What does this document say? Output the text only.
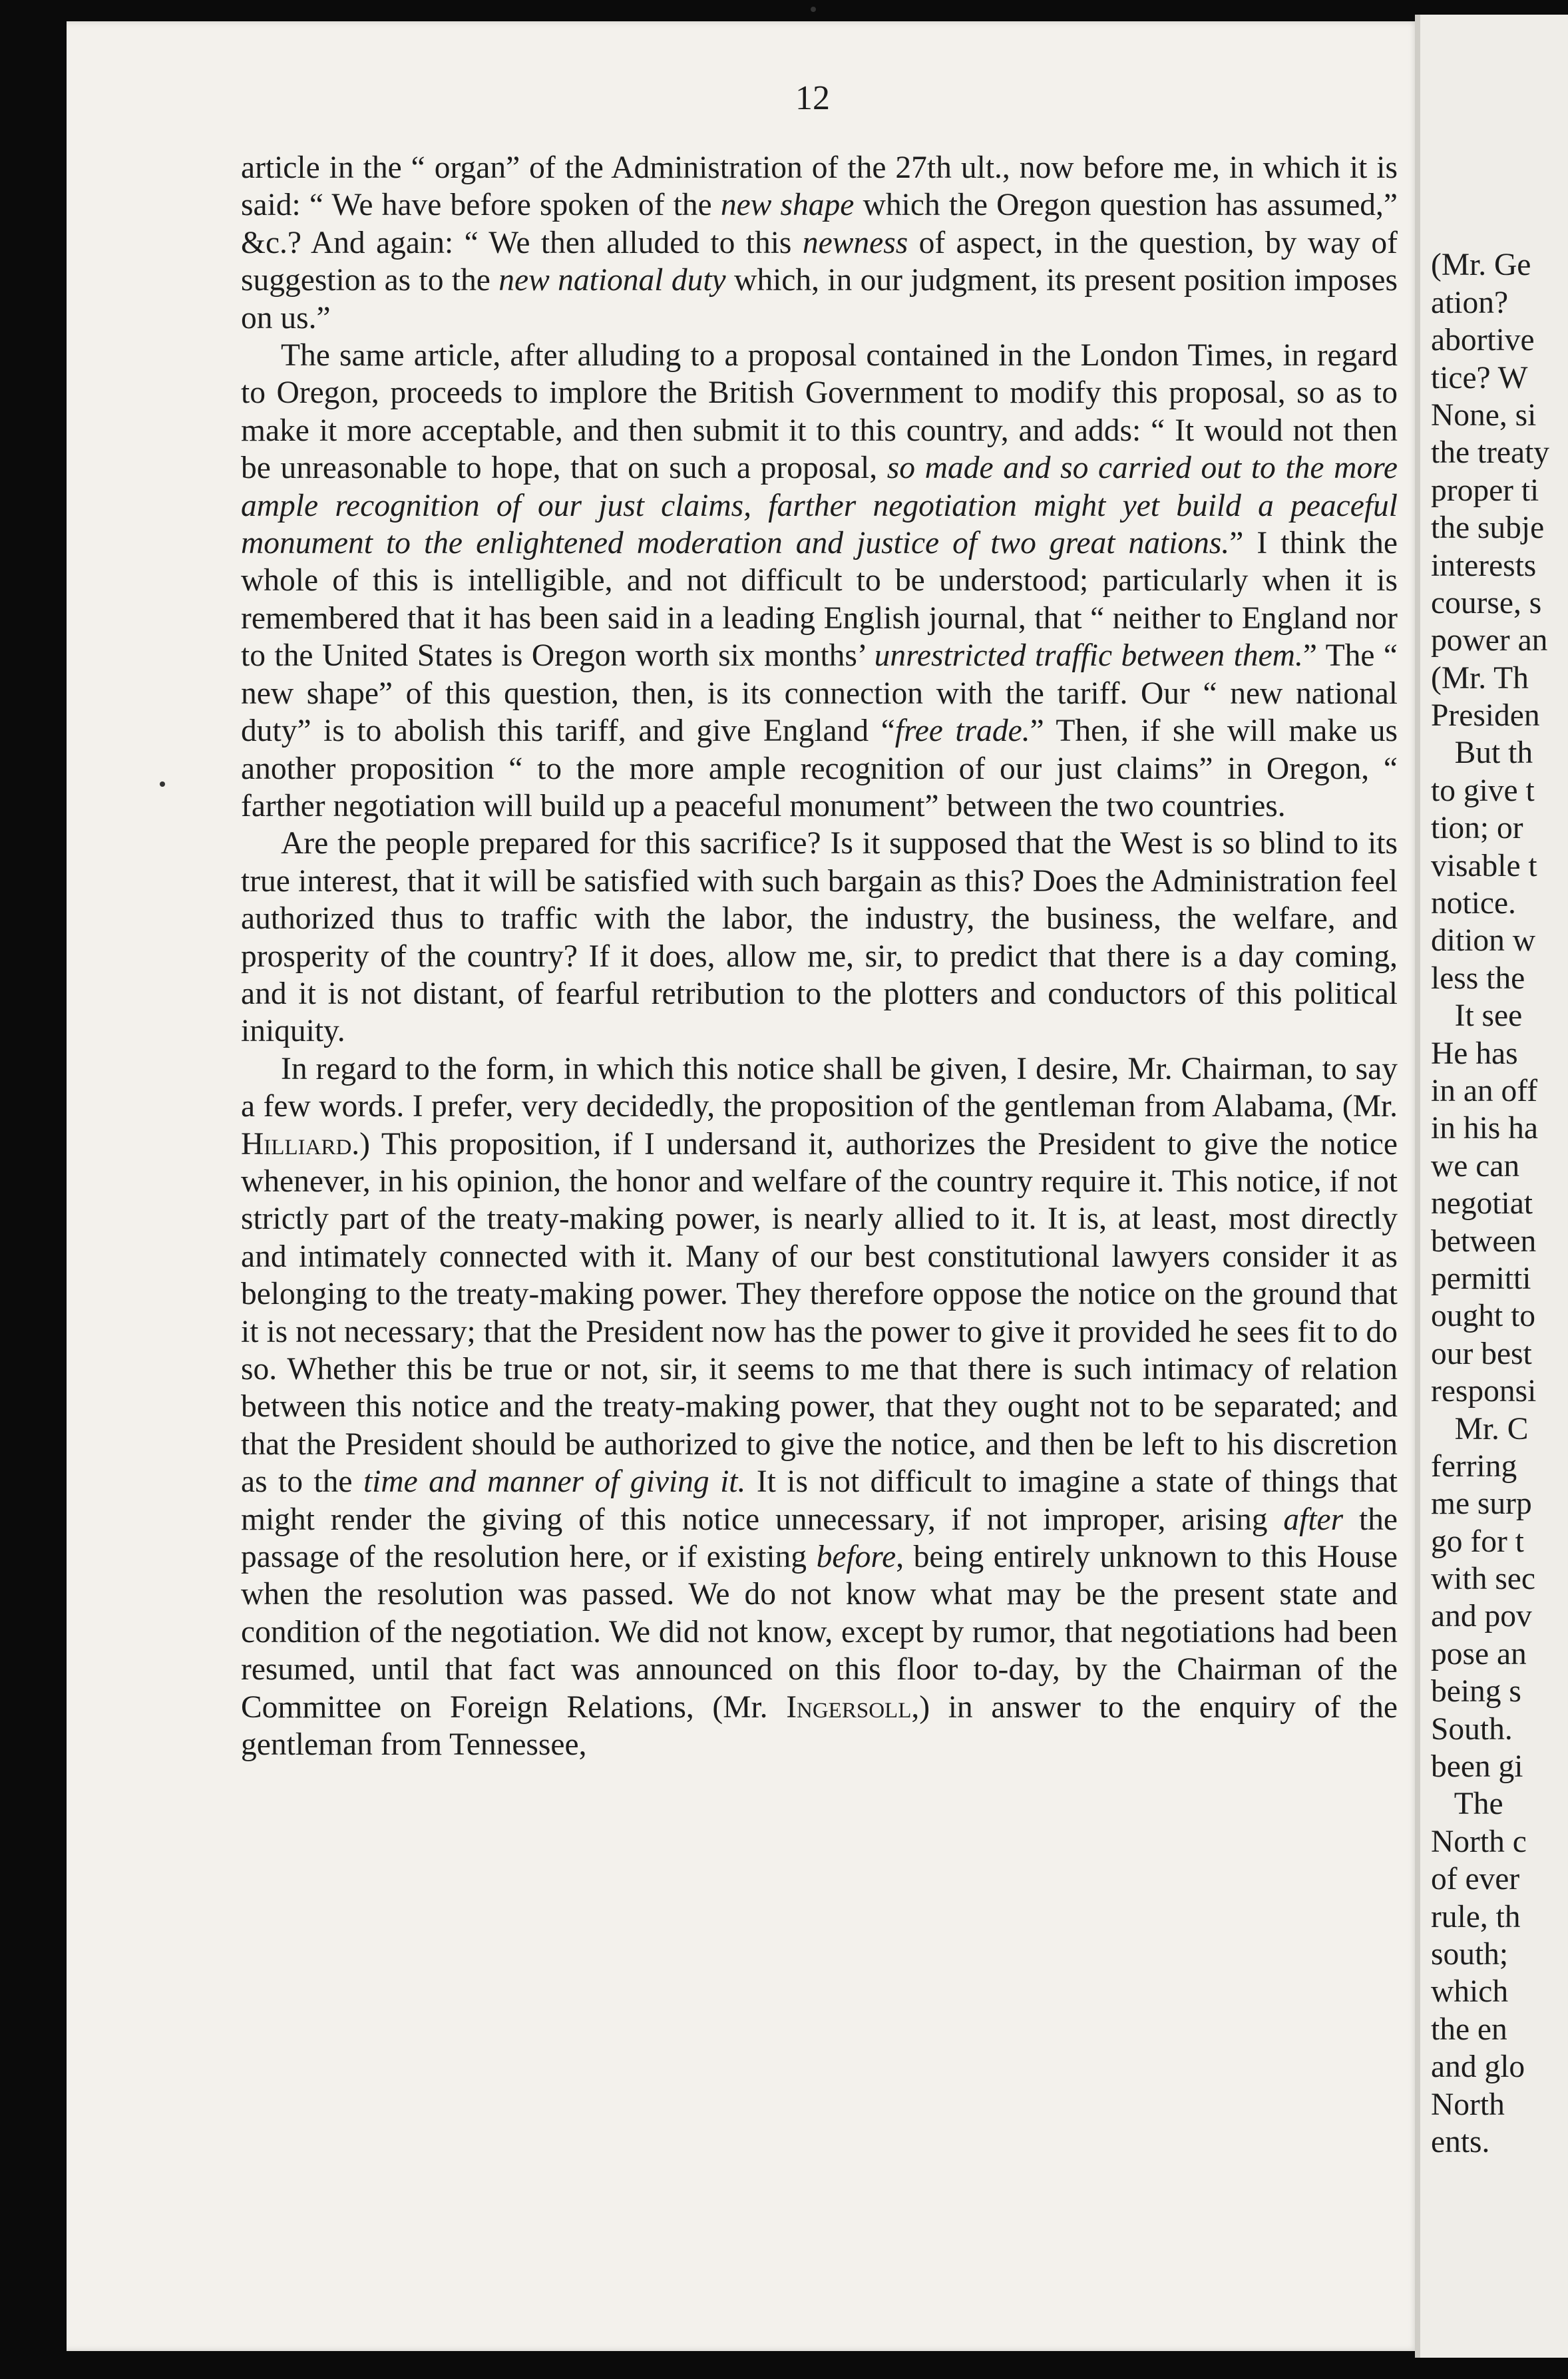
12

article in the “ organ” of the Administration of the 27th ult., now before me, in which it is said: “ We have before spoken of the new shape which the Oregon question has assumed,” &c.? And again: “ We then alluded to this newness of aspect, in the question, by way of suggestion as to the new national duty which, in our judgment, its present position imposes on us.”

The same article, after alluding to a proposal contained in the London Times, in regard to Oregon, proceeds to implore the British Government to modify this proposal, so as to make it more acceptable, and then submit it to this country, and adds: “ It would not then be unreasonable to hope, that on such a proposal, so made and so carried out to the more ample recognition of our just claims, farther negotiation might yet build a peaceful monument to the enlightened moderation and justice of two great nations.” I think the whole of this is intelligible, and not difficult to be understood; particularly when it is remembered that it has been said in a leading English journal, that “ neither to England nor to the United States is Oregon worth six months’ unrestricted traffic between them.” The “ new shape” of this question, then, is its connection with the tariff. Our “ new national duty” is to abolish this tariff, and give England “free trade.” Then, if she will make us another proposition “ to the more ample recognition of our just claims” in Oregon, “ farther negotiation will build up a peaceful monument” between the two countries.

Are the people prepared for this sacrifice? Is it supposed that the West is so blind to its true interest, that it will be satisfied with such bargain as this? Does the Administration feel authorized thus to traffic with the labor, the industry, the business, the welfare, and prosperity of the country? If it does, allow me, sir, to predict that there is a day coming, and it is not distant, of fearful retribution to the plotters and conductors of this political iniquity.

In regard to the form, in which this notice shall be given, I desire, Mr. Chairman, to say a few words. I prefer, very decidedly, the proposition of the gentleman from Alabama, (Mr. Hilliard.) This proposition, if I undersand it, authorizes the President to give the notice whenever, in his opinion, the honor and welfare of the country require it. This notice, if not strictly part of the treaty-making power, is nearly allied to it. It is, at least, most directly and intimately connected with it. Many of our best constitutional lawyers consider it as belonging to the treaty-making power. They therefore oppose the notice on the ground that it is not necessary; that the President now has the power to give it provided he sees fit to do so. Whether this be true or not, sir, it seems to me that there is such intimacy of relation between this notice and the treaty-making power, that they ought not to be separated; and that the President should be authorized to give the notice, and then be left to his discretion as to the time and manner of giving it. It is not difficult to imagine a state of things that might render the giving of this notice unnecessary, if not improper, arising after the passage of the resolution here, or if existing before, being entirely unknown to this House when the resolution was passed. We do not know what may be the present state and condition of the negotiation. We did not know, except by rumor, that negotiations had been resumed, until that fact was announced on this floor to-day, by the Chairman of the Committee on Foreign Relations, (Mr. Ingersoll,) in answer to the enquiry of the gentleman from Tennessee,

(Mr. Ge
ation?
abortive
tice? W
None, si
the treaty
proper ti
the subje
interests
course, s
power an
(Mr. Th
Presiden
But th
to give t
tion; or
visable t
notice.
dition w
less the
It see
He has
in an off
in his ha
we can
negotiat
between
permitti
ought to
our best
responsi
Mr. C
ferring
me surp
go for t
with sec
and pov
pose an
being s
South.
been gi
The
North c
of ever
rule, th
south;
which
the en
and glo
North
ents.
